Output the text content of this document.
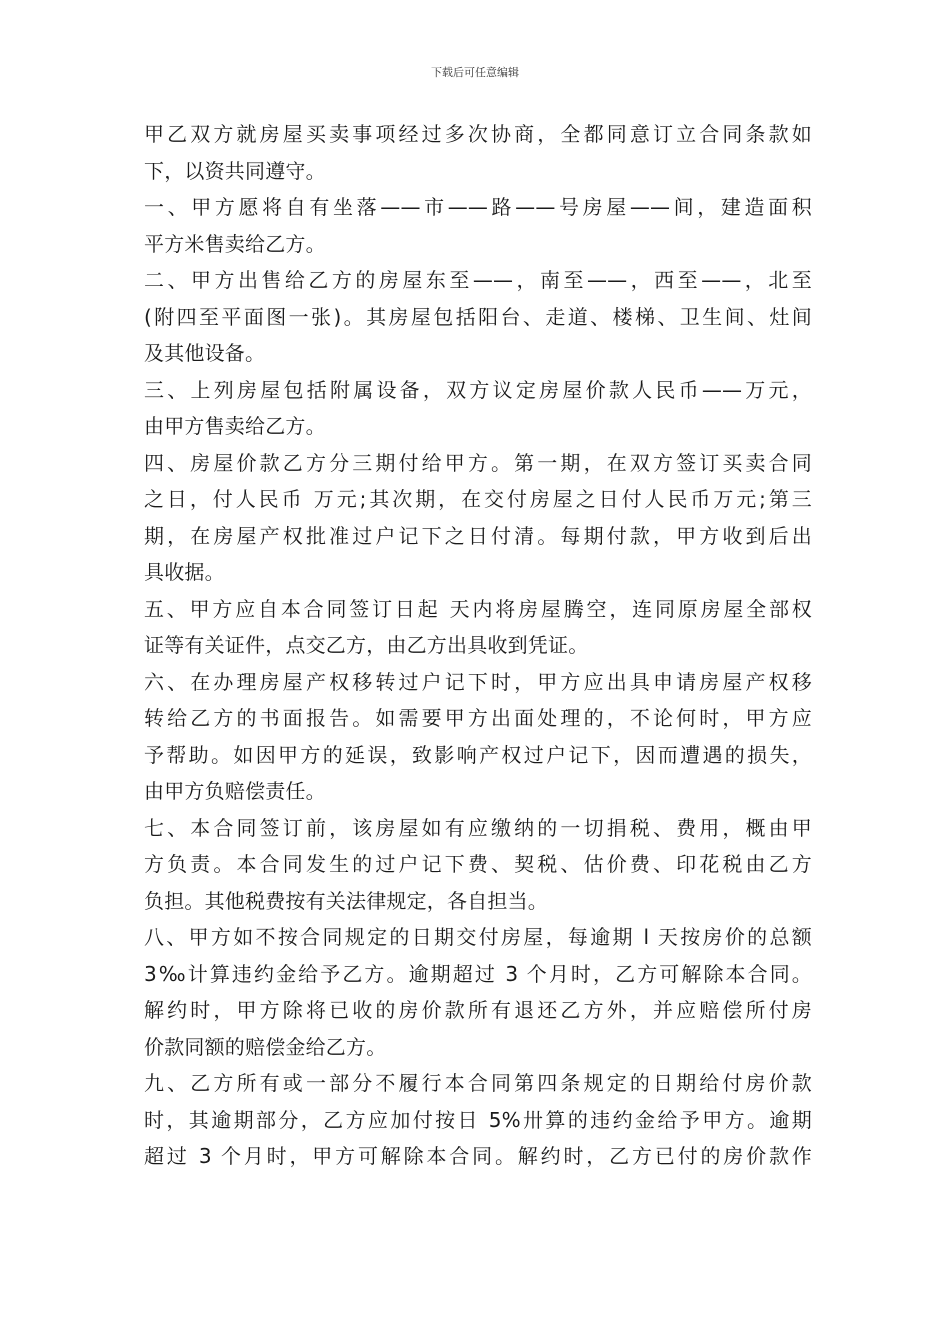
下载后可任意编辑

甲乙双方就房屋买卖事项经过多次协商，全都同意订立合同条款如

下，以资共同遵守。

一、甲方愿将自有坐落——市——路——号房屋——间，建造面积

平方米售卖给乙方。

二、甲方出售给乙方的房屋东至——，南至——，西至——，北至

(附四至平面图一张)。其房屋包括阳台、走道、楼梯、卫生间、灶间

及其他设备。

三、上列房屋包括附属设备，双方议定房屋价款人民币——万元，

由甲方售卖给乙方。

四、房屋价款乙方分三期付给甲方。第一期，在双方签订买卖合同

之日，付人民币 万元;其次期，在交付房屋之日付人民币万元;第三

期，在房屋产权批准过户记下之日付清。每期付款，甲方收到后出

具收据。

五、甲方应自本合同签订日起 天内将房屋腾空，连同原房屋全部权

证等有关证件，点交乙方，由乙方出具收到凭证。

六、在办理房屋产权移转过户记下时，甲方应出具申请房屋产权移

转给乙方的书面报告。如需要甲方出面处理的，不论何时，甲方应

予帮助。如因甲方的延误，致影响产权过户记下，因而遭遇的损失，

由甲方负赔偿责任。

七、本合同签订前，该房屋如有应缴纳的一切捐税、费用，概由甲

方负责。本合同发生的过户记下费、契税、估价费、印花税由乙方

负担。其他税费按有关法律规定，各自担当。

八、甲方如不按合同规定的日期交付房屋，每逾期 l 天按房价的总额

3‰计算违约金给予乙方。逾期超过 3 个月时，乙方可解除本合同。

解约时，甲方除将已收的房价款所有退还乙方外，并应赔偿所付房

价款同额的赔偿金给乙方。

九、乙方所有或一部分不履行本合同第四条规定的日期给付房价款

时，其逾期部分，乙方应加付按日 5%卅算的违约金给予甲方。逾期

超过 3 个月时，甲方可解除本合同。解约时，乙方已付的房价款作
